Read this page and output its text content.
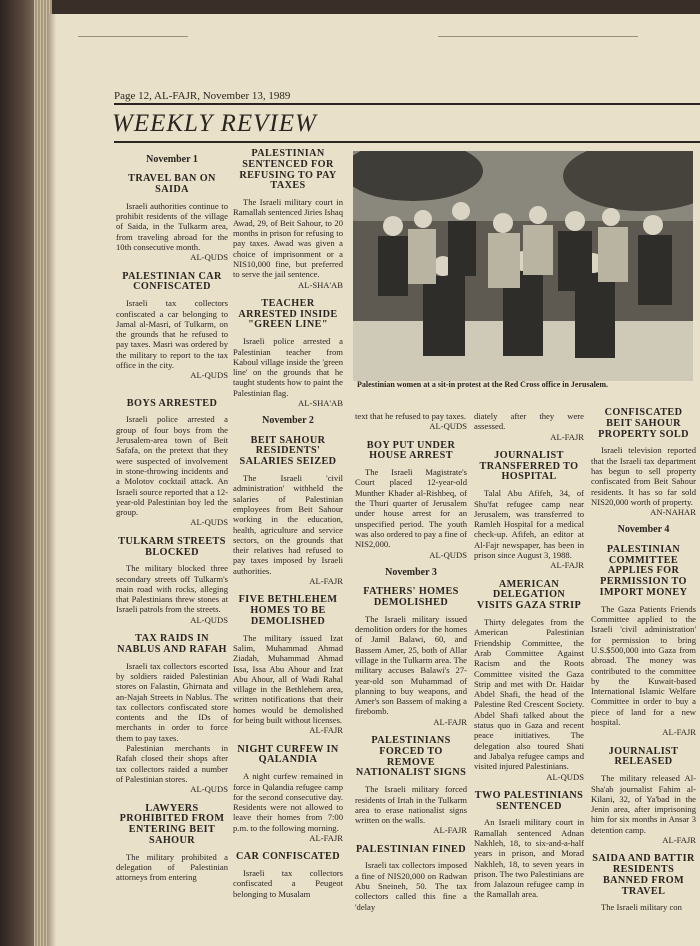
Page 12, AL-FAJR, November 13, 1989
WEEKLY REVIEW
November 1
TRAVEL BAN ON SAIDA

Israeli authorities continue to prohibit residents of the village of Saida, in the Tulkarm area, from traveling abroad for the 10th consecutive month.

AL-QUDS
PALESTINIAN CAR CONFISCATED

Israeli tax collectors confiscated a car belonging to Jamal al-Masri, of Tulkarm, on the grounds that he refused to pay taxes. Masri was ordered by the military to report to the tax office in the city.

AL-QUDS
BOYS ARRESTED

Israeli police arrested a group of four boys from the Jerusalem-area town of Beit Safafa, on the pretext that they were suspected of involvement in stone-throwing incidents and a Molotov cocktail attack. An Israeli source reported that a 12-year-old Palestinian boy led the group.

AL-QUDS
TULKARM STREETS BLOCKED

The military blocked three secondary streets off Tulkarm's main road with rocks, alleging that Palestinians threw stones at Israeli patrols from the streets.

AL-QUDS
TAX RAIDS IN NABLUS AND RAFAH

Israeli tax collectors escorted by soldiers raided Palestinian stores on Falastin, Ghirnata and an-Najah Streets in Nablus. The tax collectors confiscated store contents and the IDs of merchants in order to force them to pay taxes.

Palestinian merchants in Rafah closed their shops after tax collectors raided a number of Palestinian stores.

AL-QUDS
LAWYERS PROHIBITED FROM ENTERING BEIT SAHOUR

The military prohibited a delegation of Palestinian attorneys from entering

PALESTINIAN SENTENCED FOR REFUSING TO PAY TAXES

The Israeli military court in Ramallah sentenced Jiries Ishaq Awad, 29, of Beit Sahour, to 20 months in prison for refusing to pay taxes. Awad was given a choice of imprisonment or a NIS10,000 fine, but preferred to serve the jail sentence.

AL-SHA'AB
TEACHER ARRESTED INSIDE "GREEN LINE"

Israeli police arrested a Palestinian teacher from Kaboul village inside the 'green line' on the grounds that he taught students how to paint the Palestinian flag.

AL-SHA'AB
November 2
BEIT SAHOUR RESIDENTS' SALARIES SEIZED

The Israeli 'civil administration' withheld the salaries of Palestinian employees from Beit Sahour working in the education, health, agriculture and service sectors, on the grounds that their relatives had refused to pay taxes imposed by Israeli authorities.

AL-FAJR
FIVE BETHLEHEM HOMES TO BE DEMOLISHED

The military issued Izat Salim, Muhammad Ahmad Ziadah, Muhammad Ahmad Issa, Issa Abu Ahour and Izat Abu Ahour, all of Wadi Rahal village in the Bethlehem area, written notifications that their homes would be demolished for being built without licenses.

AL-FAJR
NIGHT CURFEW IN QALANDIA

A night curfew remained in force in Qalandia refugee camp for the second consecutive day. Residents were not allowed to leave their homes from 7:00 p.m. to the following morning.

AL-FAJR
CAR CONFISCATED

Israeli tax collectors confiscated a Peugeot belonging to Musalam

Palestinian women at a sit-in protest at the Red Cross office in Jerusalem.

text that he refused to pay taxes.

AL-QUDS
BOY PUT UNDER HOUSE ARREST

The Israeli Magistrate's Court placed 12-year-old Munther Khader al-Rishbeq, of the Thuri quarter of Jerusalem under house arrest for an unspecified period. The youth was also ordered to pay a fine of NIS2,000.

AL-QUDS
November 3
FATHERS' HOMES DEMOLISHED

The Israeli military issued demolition orders for the homes of Jamil Balawi, 60, and Bassem Amer, 25, both of Allar village in the Tulkarm area. The military accuses Balawi's 27-year-old son Muhammad of planning to buy weapons, and Amer's son Bassem of making a firebomb.

AL-FAJR
PALESTINIANS FORCED TO REMOVE NATIONALIST SIGNS

The Israeli military forced residents of Irtah in the Tulkarm area to erase nationalist signs written on the walls.

AL-FAJR
PALESTINIAN FINED

Israeli tax collectors imposed a fine of NIS20,000 on Radwan Abu Sneineh, 50. The tax collectors called this fine a 'delay

diately after they were assessed.

AL-FAJR
JOURNALIST TRANSFERRED TO HOSPITAL

Talal Abu Afifeh, 34, of Shu'fat refugee camp near Jerusalem, was transferred to Ramleh Hospital for a medical check-up. Afifeh, an editor at Al-Fajr newspaper, has been in prison since August 3, 1988.

AL-FAJR
AMERICAN DELEGATION VISITS GAZA STRIP

Thirty delegates from the American Palestinian Friendship Committee, the Arab Committee Against Racism and the Roots Committee visited the Gaza Strip and met with Dr. Haidar Abdel Shafi, the head of the Palestine Red Crescent Society. Abdel Shafi talked about the status quo in Gaza and recent peace initiatives. The delegation also toured Shati and Jabalya refugee camps and visited injured Palestinians.

AL-QUDS
TWO PALESTINIANS SENTENCED

An Israeli military court in Ramallah sentenced Adnan Nakhleh, 18, to six-and-a-half years in prison, and Morad Nakhleh, 18, to seven years in prison. The two Palestinians are from Jalazoun refugee camp in the Ramallah area.

CONFISCATED BEIT SAHOUR PROPERTY SOLD

Israeli television reported that the Israeli tax department has begun to sell property confiscated from Beit Sahour residents. It has so far sold NIS20,000 worth of property.

AN-NAHAR
November 4
PALESTINIAN COMMITTEE APPLIES FOR PERMISSION TO IMPORT MONEY

The Gaza Patients Friends Committee applied to the Israeli 'civil administration' for permission to bring U.S.$500,000 into Gaza from abroad. The money was contributed to the committee by the Kuwait-based International Islamic Welfare Committee in order to buy a piece of land for a new hospital.

AL-FAJR
JOURNALIST RELEASED

The military released Al-Sha'ab journalist Fahim al-Kilani, 32, of Ya'bad in the Jenin area, after imprisoning him for six months in Ansar 3 detention camp.

AL-FAJR
SAIDA AND BATTIR RESIDENTS BANNED FROM TRAVEL

The Israeli military con
